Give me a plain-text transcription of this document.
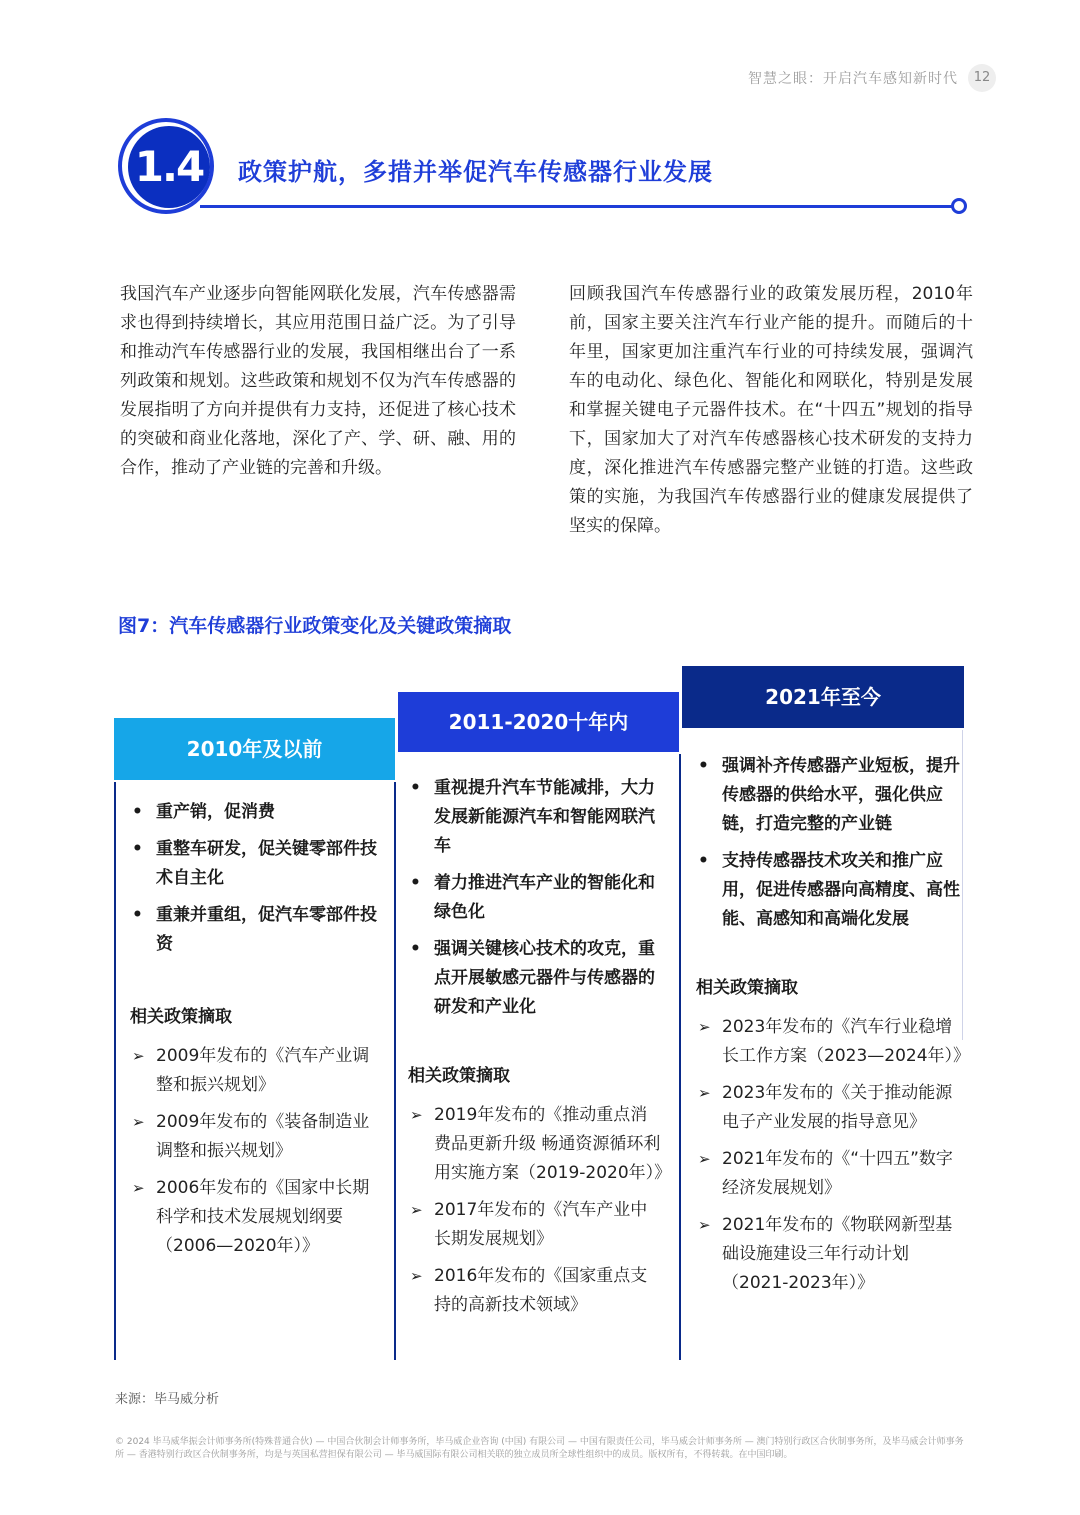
智慧之眼：开启汽车感知新时代	12
1.4 政策护航，多措并举促汽车传感器行业发展
我国汽车产业逐步向智能网联化发展，汽车传感器需求也得到持续增长，其应用范围日益广泛。为了引导和推动汽车传感器行业的发展，我国相继出台了一系列政策和规划。这些政策和规划不仅为汽车传感器的发展指明了方向并提供有力支持，还促进了核心技术的突破和商业化落地，深化了产、学、研、融、用的合作，推动了产业链的完善和升级。
回顾我国汽车传感器行业的政策发展历程，2010年前，国家主要关注汽车行业产能的提升。而随后的十年里，国家更加注重汽车行业的可持续发展，强调汽车的电动化、绿色化、智能化和网联化，特别是发展和掌握关键电子元器件技术。在“十四五”规划的指导下，国家加大了对汽车传感器核心技术研发的支持力度，深化推进汽车传感器完整产业链的打造。这些政策的实施，为我国汽车传感器行业的健康发展提供了坚实的保障。
图7：汽车传感器行业政策变化及关键政策摘取
2010年及以前
2011-2020十年内
2021年至今
• 重产销，促消费
• 重整车研发，促关键零部件技术自主化
• 重兼并重组，促汽车零部件投资
相关政策摘取
➢ 2009年发布的《汽车产业调整和振兴规划》
➢ 2009年发布的《装备制造业调整和振兴规划》
➢ 2006年发布的《国家中长期科学和技术发展规划纲要（2006—2020年）》
• 重视提升汽车节能减排，大力发展新能源汽车和智能网联汽车
• 着力推进汽车产业的智能化和绿色化
• 强调关键核心技术的攻克，重点开展敏感元器件与传感器的研发和产业化
相关政策摘取
➢ 2019年发布的《推动重点消费品更新升级 畅通资源循环利用实施方案（2019-2020年）》
➢ 2017年发布的《汽车产业中长期发展规划》
➢ 2016年发布的《国家重点支持的高新技术领域》
• 强调补齐传感器产业短板，提升传感器的供给水平，强化供应链，打造完整的产业链
• 支持传感器技术攻关和推广应用，促进传感器向高精度、高性能、高感知和高端化发展
相关政策摘取
➢ 2023年发布的《汽车行业稳增长工作方案（2023—2024年）》
➢ 2023年发布的《关于推动能源电子产业发展的指导意见》
➢ 2021年发布的《“十四五”数字经济发展规划》
➢ 2021年发布的《物联网新型基础设施建设三年行动计划（2021-2023年）》
来源：毕马威分析
© 2024 毕马威华振会计师事务所(特殊普通合伙) — 中国合伙制会计师事务所，毕马威企业咨询 (中国) 有限公司 — 中国有限责任公司，毕马威会计师事务所 — 澳门特别行政区合伙制事务所，及毕马威会计师事务所 — 香港特别行政区合伙制事务所，均是与英国私营担保有限公司 — 毕马威国际有限公司相关联的独立成员所全球性组织中的成员。版权所有，不得转载。在中国印刷。
